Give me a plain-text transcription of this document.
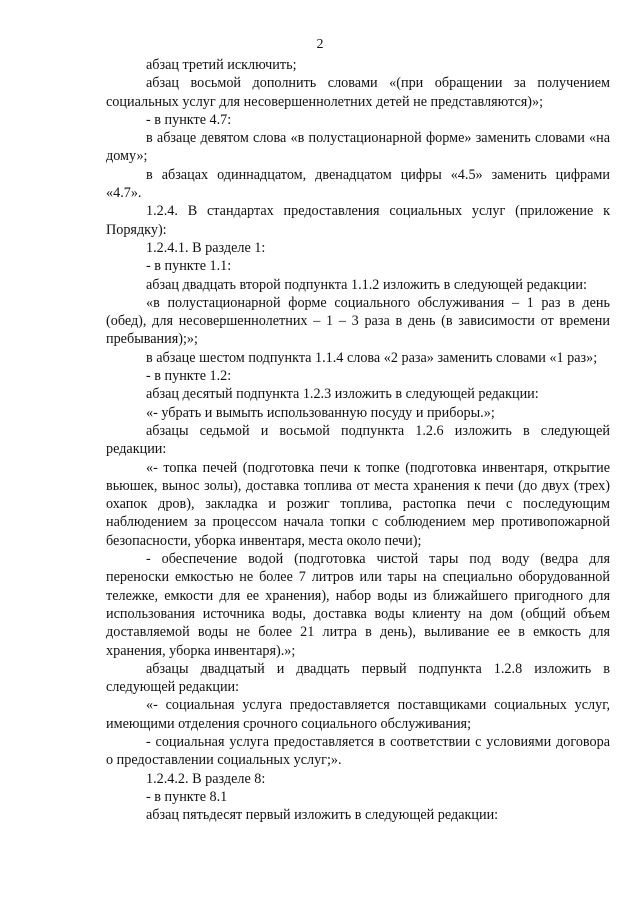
2

абзац третий исключить;

абзац восьмой дополнить словами «(при обращении за получением социальных услуг для несовершеннолетних детей не представляются)»;

- в пункте 4.7:

в абзаце девятом слова «в полустационарной форме» заменить словами «на дому»;

в абзацах одиннадцатом, двенадцатом цифры «4.5» заменить цифрами «4.7».

1.2.4. В стандартах предоставления социальных услуг (приложение к Порядку):

1.2.4.1. В разделе 1:

- в пункте 1.1:

абзац двадцать второй подпункта 1.1.2 изложить в следующей редакции:

«в полустационарной форме социального обслуживания – 1 раз в день (обед), для несовершеннолетних – 1 – 3 раза в день (в зависимости от времени пребывания);»;

в абзаце шестом подпункта 1.1.4 слова «2 раза» заменить словами «1 раз»;

- в пункте 1.2:

абзац десятый подпункта 1.2.3 изложить в следующей редакции:

«- убрать и вымыть использованную посуду и приборы.»;

абзацы седьмой и восьмой подпункта 1.2.6 изложить в следующей редакции:

«- топка печей (подготовка печи к топке (подготовка инвентаря, открытие вьюшек, вынос золы), доставка топлива от места хранения к печи (до двух (трех) охапок дров), закладка и розжиг топлива, растопка печи с последующим наблюдением за процессом начала топки с соблюдением мер противопожарной безопасности, уборка инвентаря, места около печи);

- обеспечение водой (подготовка чистой тары под воду (ведра для переноски емкостью не более 7 литров или тары на специально оборудованной тележке, емкости для ее хранения), набор воды из ближайшего пригодного для использования источника воды, доставка воды клиенту на дом (общий объем доставляемой воды не более 21 литра в день), выливание ее в емкость для хранения, уборка инвентаря).»;

абзацы двадцатый и двадцать первый подпункта 1.2.8 изложить в следующей редакции:

«- социальная услуга предоставляется поставщиками социальных услуг, имеющими отделения срочного социального обслуживания;

- социальная услуга предоставляется в соответствии с условиями договора о предоставлении социальных услуг;».

1.2.4.2. В разделе 8:

- в пункте 8.1

абзац пятьдесят первый изложить в следующей редакции:
